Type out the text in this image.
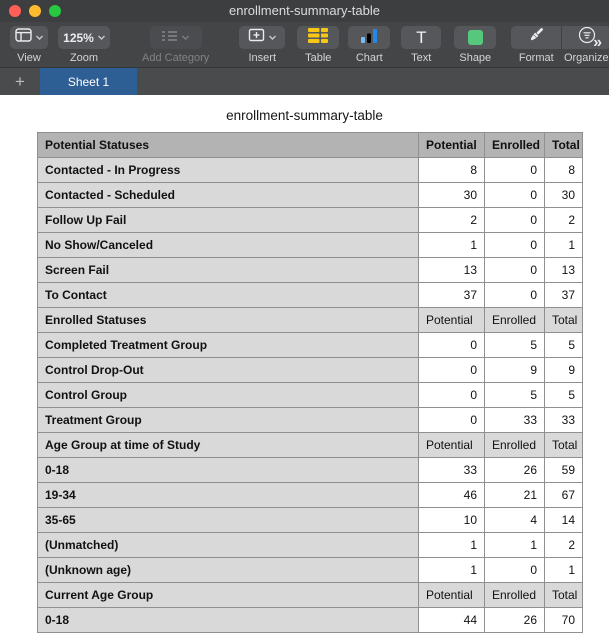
enrollment-summary-table
View
125%
Zoom	Add Category	Insert	Table Chart
T
Text	Shape	Format Organize
»
+	Sheet 1
enrollment-summary-table
Potential Statuses	Potential	Enrolled	Total
Contacted - In Progress	8	0	8
Contacted - Scheduled	30	0	30
Follow Up Fail	2	0	2
No Show/Canceled	1	0	1
Screen Fail	13	0	13
To Contact	37	0	37
Enrolled Statuses	Potential	Enrolled	Total
Completed Treatment Group	0	5	5
Control Drop-Out	0	9	9
Control Group	0	5	5
Treatment Group	0	33	33
Age Group at time of Study	Potential	Enrolled	Total
0-18	33	26	59
19-34	46	21	67
35-65	10	4	14
(Unmatched)	1	1	2
(Unknown age)	1	0	1
Current Age Group	Potential	Enrolled	Total
0-18	44	26	70
